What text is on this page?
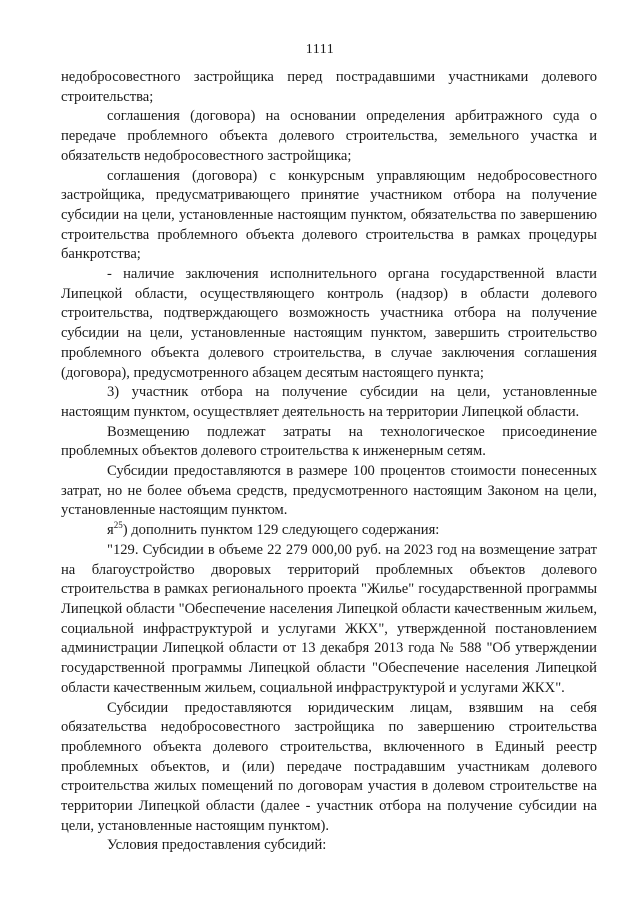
1111

недобросовестного застройщика перед пострадавшими участниками долевого строительства;

соглашения (договора) на основании определения арбитражного суда о передаче проблемного объекта долевого строительства, земельного участка и обязательств недобросовестного застройщика;

соглашения (договора) с конкурсным управляющим недобросовестного застройщика, предусматривающего принятие участником отбора на получение субсидии на цели, установленные настоящим пунктом, обязательства по завершению строительства проблемного объекта долевого строительства в рамках процедуры банкротства;

- наличие заключения исполнительного органа государственной власти Липецкой области, осуществляющего контроль (надзор) в области долевого строительства, подтверждающего возможность участника отбора на получение субсидии на цели, установленные настоящим пунктом, завершить строительство проблемного объекта долевого строительства, в случае заключения соглашения (договора), предусмотренного абзацем десятым настоящего пункта;

3) участник отбора на получение субсидии на цели, установленные настоящим пунктом, осуществляет деятельность на территории Липецкой области.

Возмещению подлежат затраты на технологическое присоединение проблемных объектов долевого строительства к инженерным сетям.

Субсидии предоставляются в размере 100 процентов стоимости понесенных затрат, но не более объема средств, предусмотренного настоящим Законом на цели, установленные настоящим пунктом.

$я^{25}$) дополнить пунктом 129 следующего содержания:

"129. Субсидии в объеме 22 279 000,00 руб. на 2023 год на возмещение затрат на благоустройство дворовых территорий проблемных объектов долевого строительства в рамках регионального проекта "Жилье" государственной программы Липецкой области "Обеспечение населения Липецкой области качественным жильем, социальной инфраструктурой и услугами ЖКХ", утвержденной постановлением администрации Липецкой области от 13 декабря 2013 года № 588 "Об утверждении государственной программы Липецкой области "Обеспечение населения Липецкой области качественным жильем, социальной инфраструктурой и услугами ЖКХ".

Субсидии предоставляются юридическим лицам, взявшим на себя обязательства недобросовестного застройщика по завершению строительства проблемного объекта долевого строительства, включенного в Единый реестр проблемных объектов, и (или) передаче пострадавшим участникам долевого строительства жилых помещений по договорам участия в долевом строительстве на территории Липецкой области (далее - участник отбора на получение субсидии на цели, установленные настоящим пунктом).

Условия предоставления субсидий:
